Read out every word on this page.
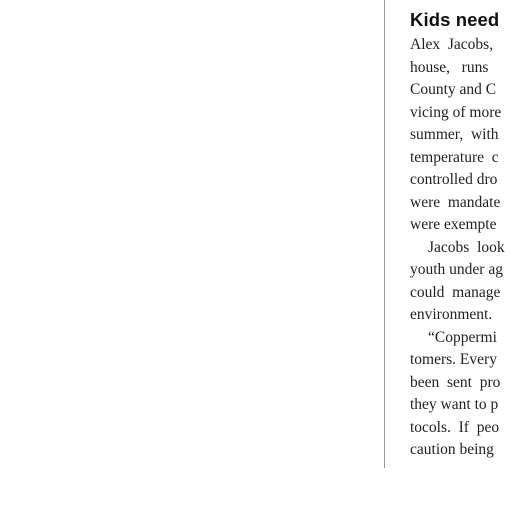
Kids need
Alex  Jacobs,
house,   runs
County and C
vicing of more
summer,  with
temperature  c
controlled dro
were  mandate
were exempte
Jacobs  look
youth under ag
could  manage
environment.
“Coppermi
tomers. Every
been  sent  pro
they want to p
tocols.  If  peo
caution being
